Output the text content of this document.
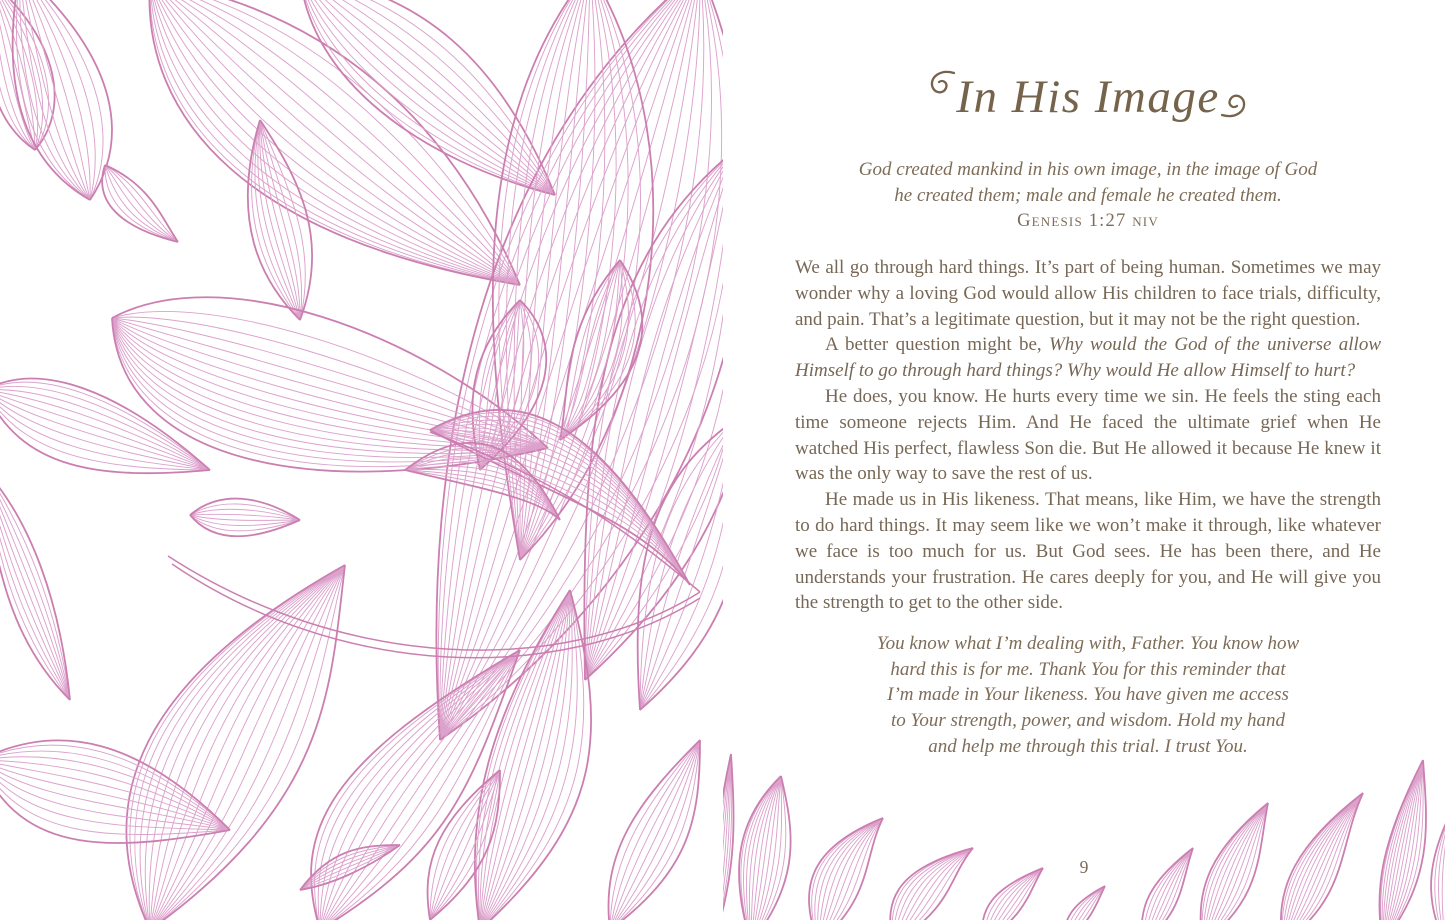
In His Image
God created mankind in his own image, in the image of God
he created them; male and female he created them.
Genesis 1:27 niv

We all go through hard things. It’s part of being human. Sometimes we may wonder why a loving God would allow His children to face trials, difficulty, and pain. That’s a legitimate question, but it may not be the right question.

A better question might be, Why would the God of the universe allow Himself to go through hard things? Why would He allow Himself to hurt?

He does, you know. He hurts every time we sin. He feels the sting each time someone rejects Him. And He faced the ultimate grief when He watched His perfect, flawless Son die. But He allowed it because He knew it was the only way to save the rest of us.

He made us in His likeness. That means, like Him, we have the strength to do hard things. It may seem like we won’t make it through, like whatever we face is too much for us. But God sees. He has been there, and He understands your frustration. He cares deeply for you, and He will give you the strength to get to the other side.

You know what I’m dealing with, Father. You know how
hard this is for me. Thank You for this reminder that
I’m made in Your likeness. You have given me access
to Your strength, power, and wisdom. Hold my hand
and help me through this trial. I trust You.
9
